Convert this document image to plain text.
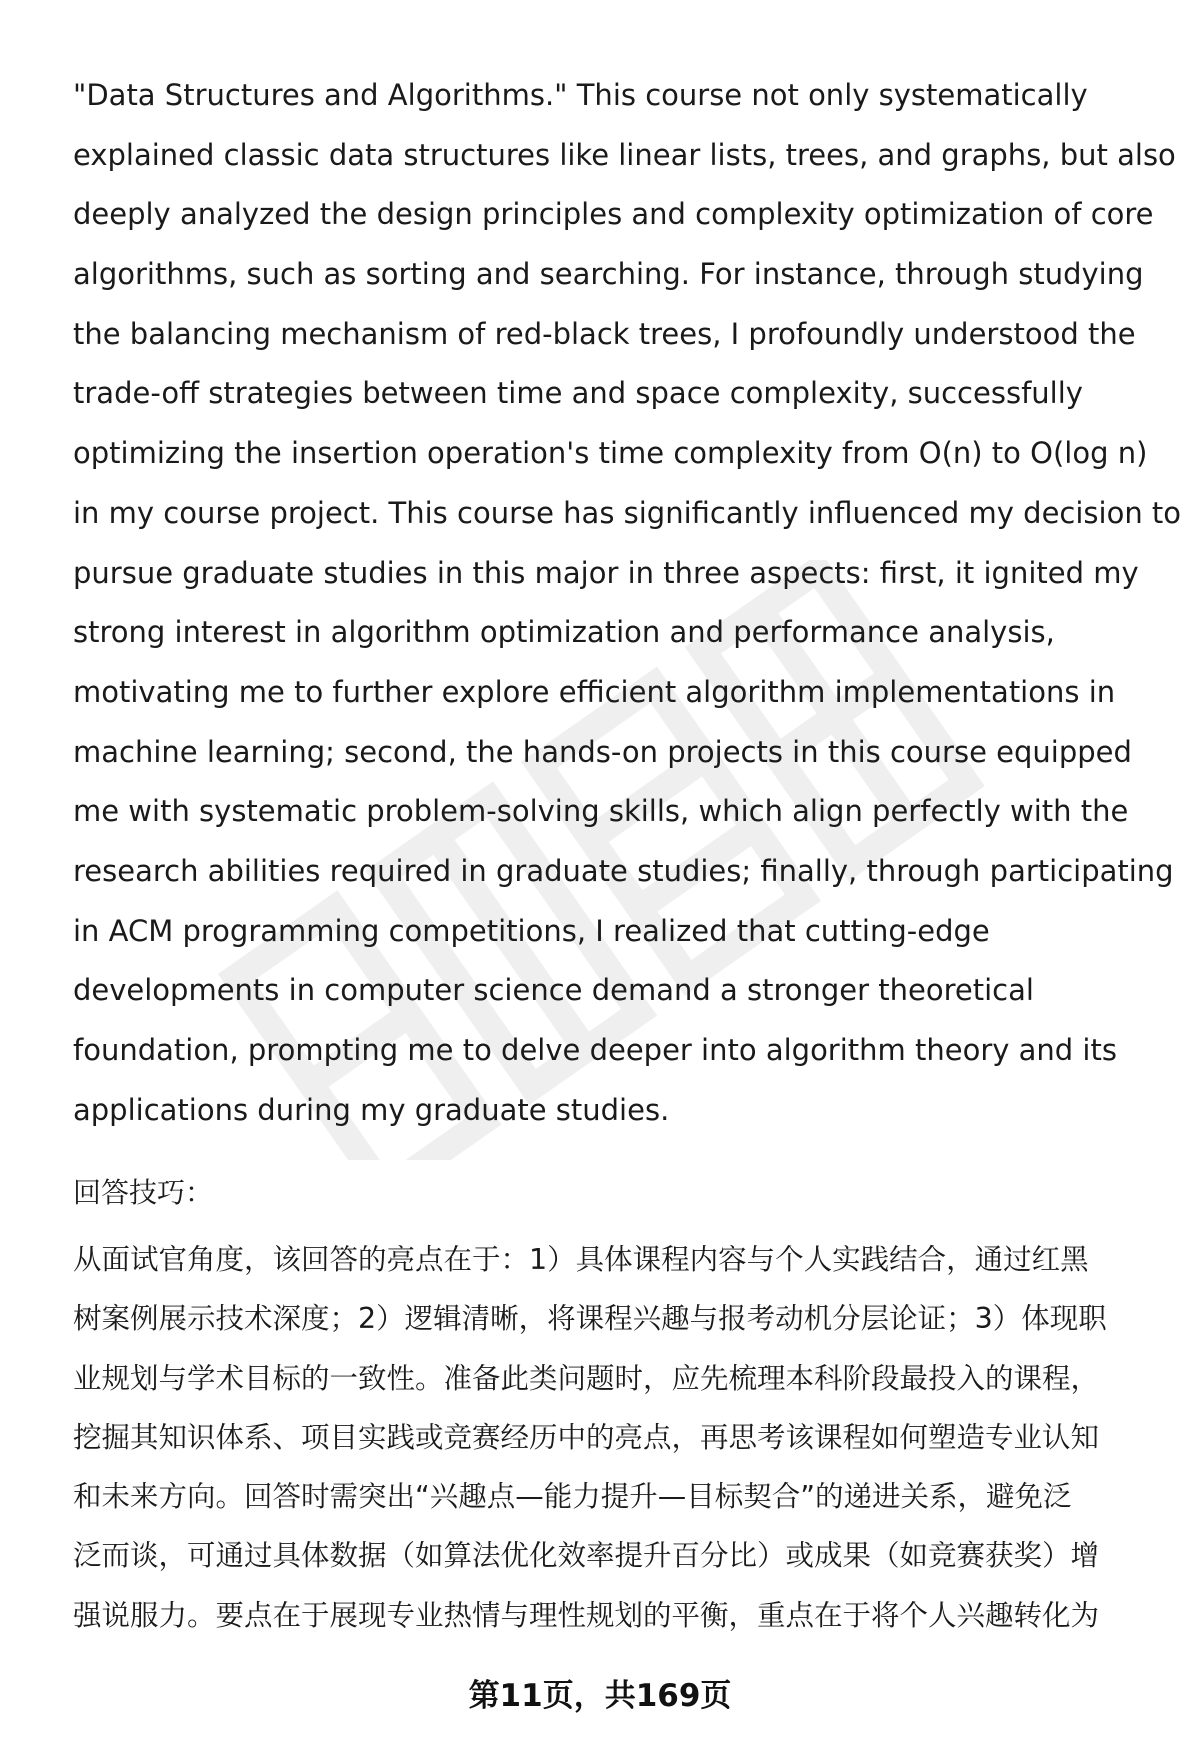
"Data Structures and Algorithms." This course not only systematically
explained classic data structures like linear lists, trees, and graphs, but also
deeply analyzed the design principles and complexity optimization of core
algorithms, such as sorting and searching. For instance, through studying
the balancing mechanism of red-black trees, I profoundly understood the
trade-off strategies between time and space complexity, successfully
optimizing the insertion operation's time complexity from O(n) to O(log n)
in my course project. This course has significantly influenced my decision to
pursue graduate studies in this major in three aspects: first, it ignited my
strong interest in algorithm optimization and performance analysis,
motivating me to further explore efficient algorithm implementations in
machine learning; second, the hands-on projects in this course equipped
me with systematic problem-solving skills, which align perfectly with the
research abilities required in graduate studies; finally, through participating
in ACM programming competitions, I realized that cutting-edge
developments in computer science demand a stronger theoretical
foundation, prompting me to delve deeper into algorithm theory and its
applications during my graduate studies.
回答技巧：
从面试官角度，该回答的亮点在于：1）具体课程内容与个人实践结合，通过红黑
树案例展示技术深度；2）逻辑清晰，将课程兴趣与报考动机分层论证；3）体现职
业规划与学术目标的一致性。准备此类问题时，应先梳理本科阶段最投入的课程，
挖掘其知识体系、项目实践或竞赛经历中的亮点，再思考该课程如何塑造专业认知
和未来方向。回答时需突出“兴趣点—能力提升—目标契合”的递进关系，避免泛
泛而谈，可通过具体数据（如算法优化效率提升百分比）或成果（如竞赛获奖）增
强说服力。要点在于展现专业热情与理性规划的平衡，重点在于将个人兴趣转化为
第11页，共169页
